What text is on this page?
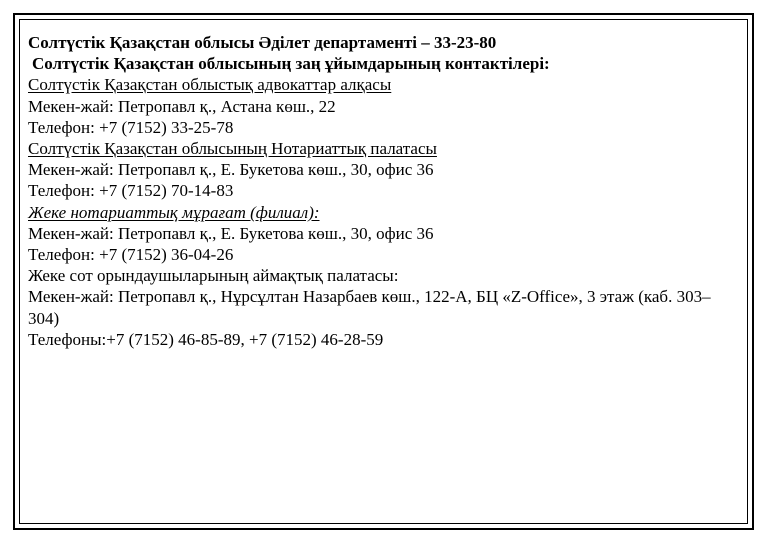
Солтүстік Қазақстан облысы Әділет департаменті – 33-23-80
Солтүстік Қазақстан облысының заң ұйымдарының контактілері:
Солтүстік Қазақстан облыстық адвокаттар алқасы
Мекен-жай: Петропавл қ., Астана көш., 22
Телефон: +7 (7152) 33-25-78
Солтүстік Қазақстан облысының Нотариаттық палатасы
Мекен-жай: Петропавл қ., Е. Букетова көш., 30, офис 36
Телефон: +7 (7152) 70-14-83
Жеке нотариаттық мұрағат (филиал):
Мекен-жай: Петропавл қ., Е. Букетова көш., 30, офис 36
Телефон: +7 (7152) 36-04-26
Жеке сот орындаушыларының аймақтық палатасы:
Мекен-жай: Петропавл қ., Нұрсұлтан Назарбаев көш., 122-А, БЦ «Z-Office», 3 этаж (каб. 303–304)
Телефоны:+7 (7152) 46-85-89, +7 (7152) 46-28-59
